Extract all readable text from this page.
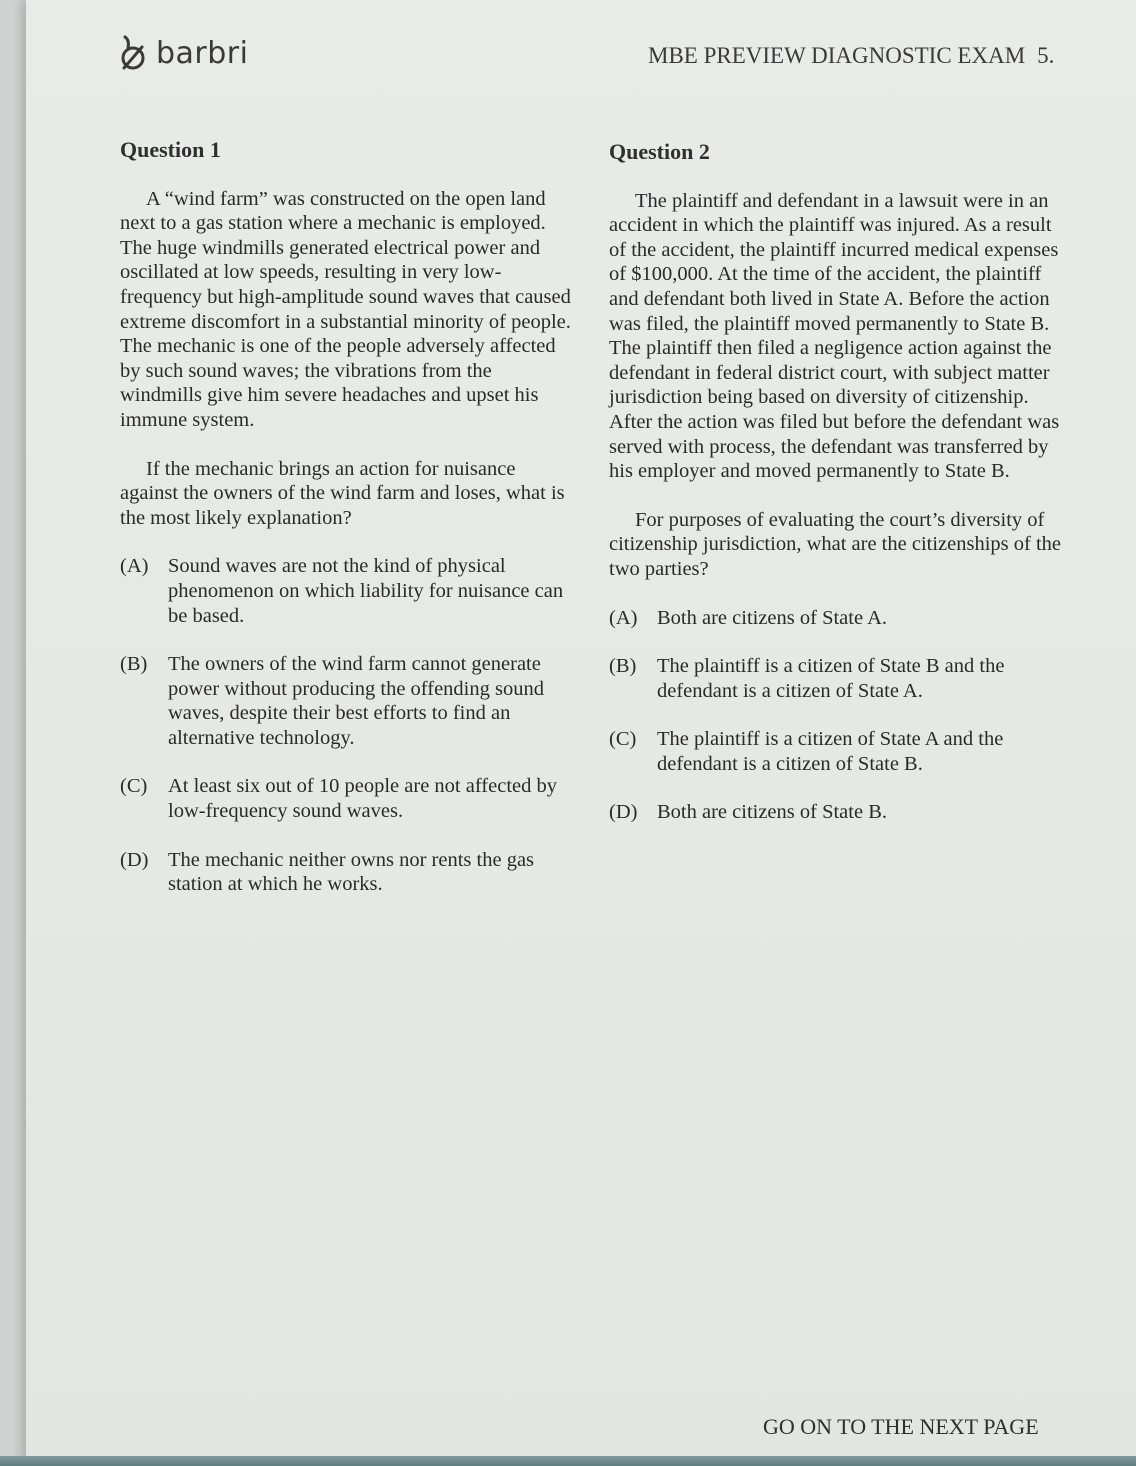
barbri	MBE PREVIEW DIAGNOSTIC EXAM 5.
Question 1

A “wind farm” was constructed on the open land next to a gas station where a mechanic is employed. The huge windmills generated electrical power and oscillated at low speeds, resulting in very low-frequency but high-amplitude sound waves that caused extreme discomfort in a substantial minority of people. The mechanic is one of the people adversely affected by such sound waves; the vibrations from the windmills give him severe headaches and upset his immune system.

If the mechanic brings an action for nuisance against the owners of the wind farm and loses, what is the most likely explanation?

(A) Sound waves are not the kind of physical phenomenon on which liability for nuisance can be based.
(B)	The owners of the wind farm cannot generate power without producing the offending sound waves, despite their best efforts to find an alternative technology.
(C)	At least six out of 10 people are not affected by low-frequency sound waves.
(D) The mechanic neither owns nor rents the gas station at which he works.
Question 2

The plaintiff and defendant in a lawsuit were in an accident in which the plaintiff was injured. As a result of the accident, the plaintiff incurred medical expenses of $100,000. At the time of the accident, the plaintiff and defendant both lived in State A. Before the action was filed, the plaintiff moved permanently to State B. The plaintiff then filed a negligence action against the defendant in federal district court, with subject matter jurisdiction being based on diversity of citizenship. After the action was filed but before the defendant was served with process, the defendant was transferred by his employer and moved permanently to State B.

For purposes of evaluating the court’s diversity of citizenship jurisdiction, what are the citizenships of the two parties?

(A) Both are citizens of State A.
(B)	The plaintiff is a citizen of State B and the defendant is a citizen of State A.
(C)	The plaintiff is a citizen of State A and the defendant is a citizen of State B.
(D) Both are citizens of State B.
GO ON TO THE NEXT PAGE
